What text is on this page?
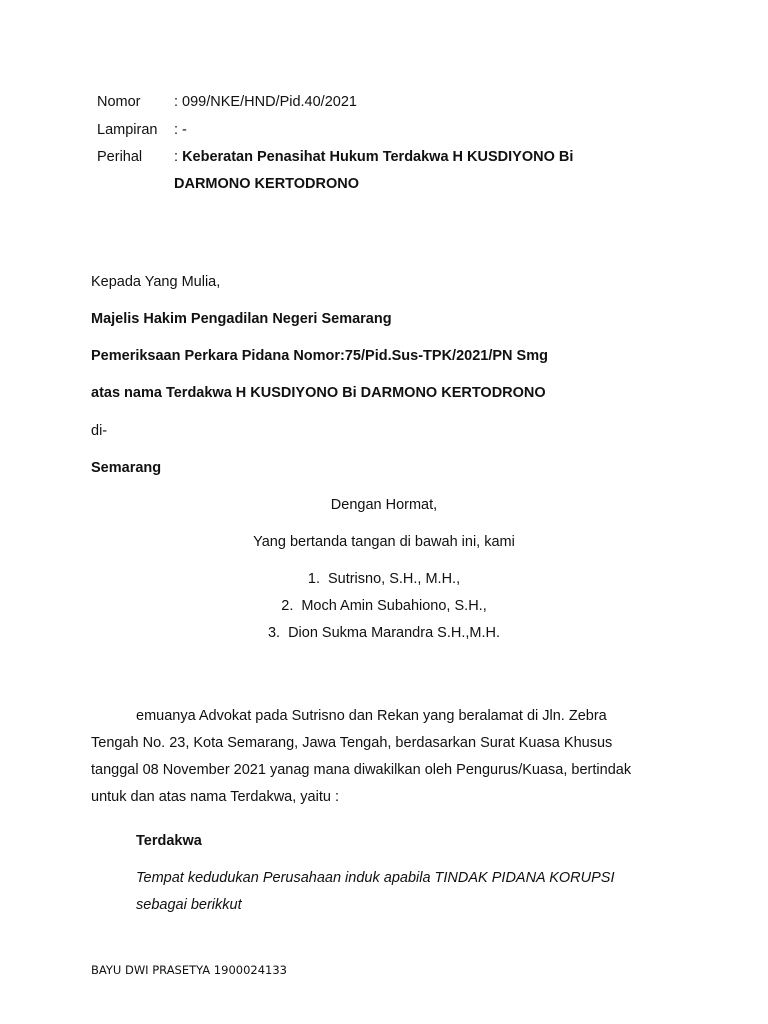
Nomor : 099/NKE/HND/Pid.40/2021
Lampiran : -
Perihal : Keberatan Penasihat Hukum Terdakwa H KUSDIYONO Bi
DARMONO KERTODRONO
Kepada Yang Mulia,
Majelis Hakim Pengadilan Negeri Semarang
Pemeriksaan Perkara Pidana Nomor:75/Pid.Sus-TPK/2021/PN Smg
atas nama Terdakwa H KUSDIYONO Bi DARMONO KERTODRONO
di-
Semarang
Dengan Hormat,
Yang bertanda tangan di bawah ini, kami
1. Sutrisno, S.H., M.H.,
2. Moch Amin Subahiono, S.H.,
3. Dion Sukma Marandra S.H.,M.H.
emuanya Advokat pada Sutrisno dan Rekan yang beralamat di Jln. Zebra
Tengah No. 23, Kota Semarang, Jawa Tengah, berdasarkan Surat Kuasa Khusus
tanggal 08 November 2021 yanag mana diwakilkan oleh Pengurus/Kuasa, bertindak
untuk dan atas nama Terdakwa, yaitu :
Terdakwa
Tempat kedudukan Perusahaan induk apabila TINDAK PIDANA KORUPSI
sebagai berikkut
BAYU DWI PRASETYA 1900024133
